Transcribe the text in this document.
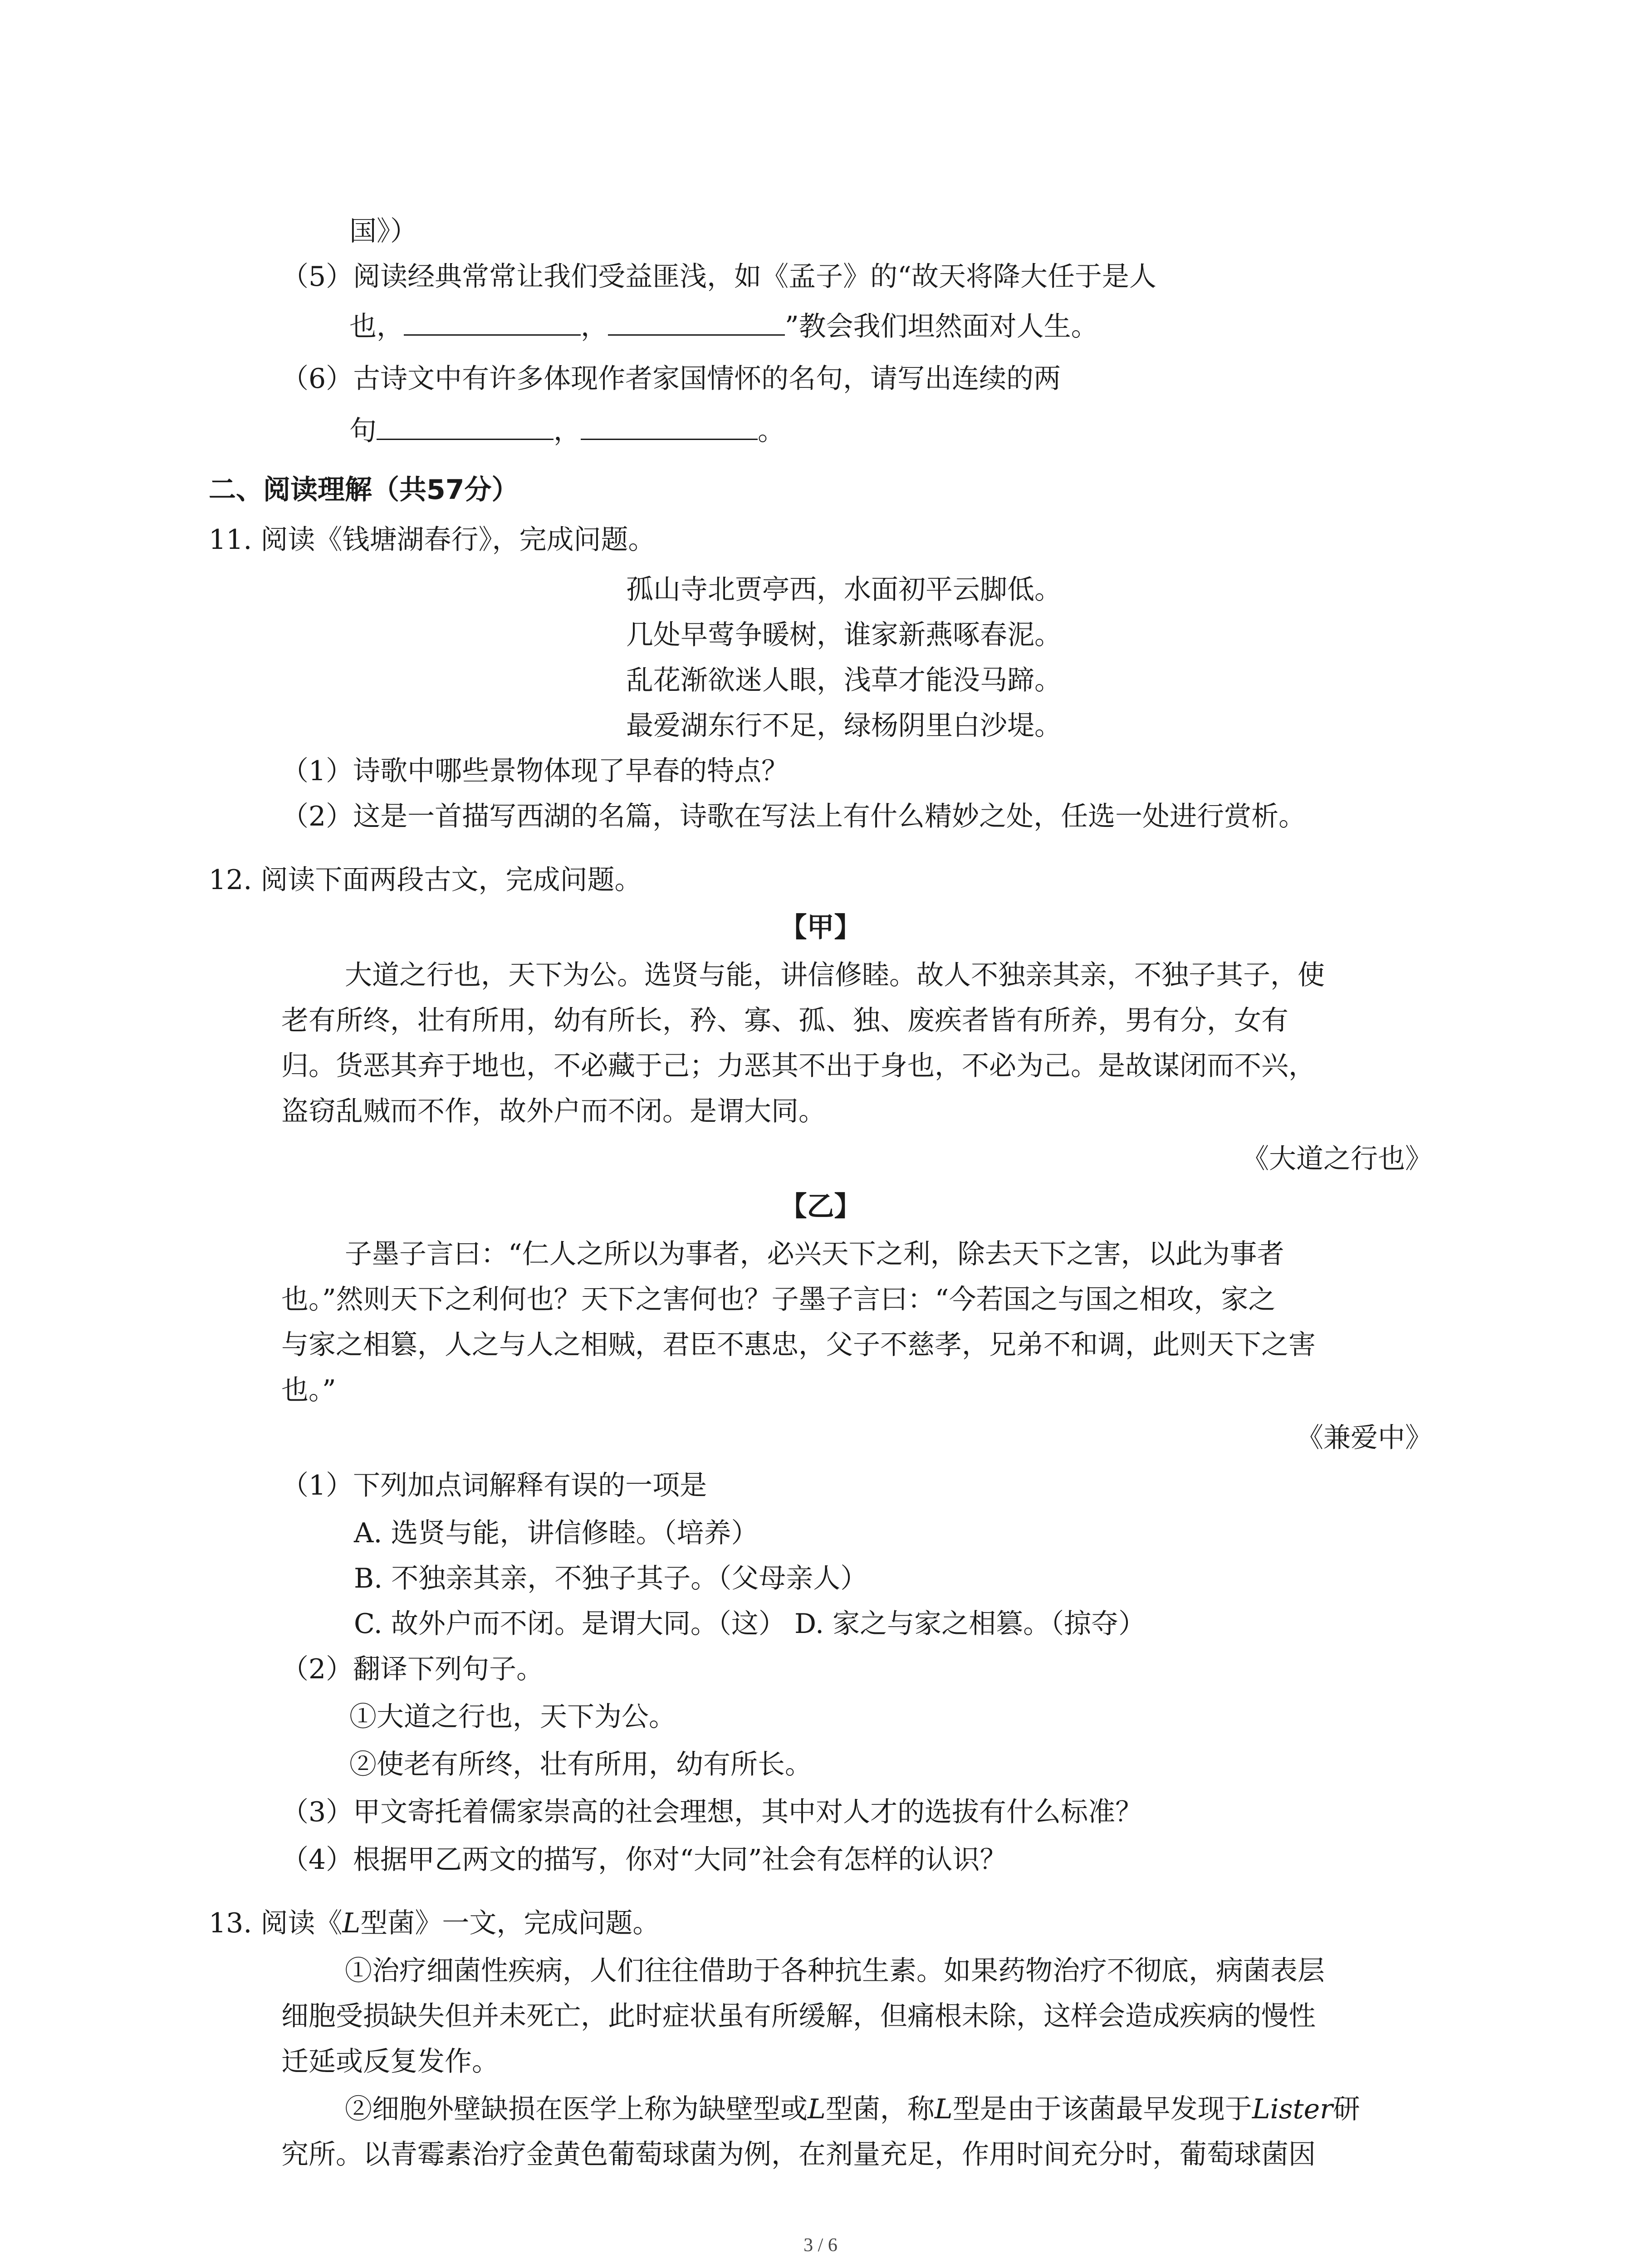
国》）
（5）阅读经典常常让我们受益匪浅，如《孟子》的“故天将降大任于是人
也，	，	”教会我们坦然面对人生。
（6）古诗文中有许多体现作者家国情怀的名句，请写出连续的两
句	，	。
二、阅读理解（共57分）
11. 阅读《钱塘湖春行》，完成问题。
孤山寺北贾亭西，水面初平云脚低。
几处早莺争暖树，谁家新燕啄春泥。
乱花渐欲迷人眼，浅草才能没马蹄。
最爱湖东行不足，绿杨阴里白沙堤。
（1）诗歌中哪些景物体现了早春的特点？
（2）这是一首描写西湖的名篇，诗歌在写法上有什么精妙之处，任选一处进行赏析。
12. 阅读下面两段古文，完成问题。
【甲】
大道之行也，天下为公。选贤与能，讲信修睦。故人不独亲其亲，不独子其子，使
老有所终，壮有所用，幼有所长，矜、寡、孤、独、废疾者皆有所养，男有分，女有
归。货恶其弃于地也，不必藏于己；力恶其不出于身也，不必为己。是故谋闭而不兴，
盗窃乱贼而不作，故外户而不闭。是谓大同。
《大道之行也》
【乙】
子墨子言曰：“仁人之所以为事者，必兴天下之利，除去天下之害，以此为事者
也。”然则天下之利何也？天下之害何也？子墨子言曰：“今若国之与国之相攻，家之
与家之相篡，人之与人之相贼，君臣不惠忠，父子不慈孝，兄弟不和调，此则天下之害
也。”
《兼爱中》
（1）下列加点词解释有误的一项是
A. 选贤与能，讲信修睦。（培养）
B. 不独亲其亲，不独子其子。（父母亲人）
C. 故外户而不闭。是谓大同。（这） D. 家之与家之相篡。（掠夺）
（2）翻译下列句子。
①大道之行也，天下为公。
②使老有所终，壮有所用，幼有所长。
（3）甲文寄托着儒家崇高的社会理想，其中对人才的选拔有什么标准？
（4）根据甲乙两文的描写，你对“大同”社会有怎样的认识？
13. 阅读《L型菌》一文，完成问题。
①治疗细菌性疾病，人们往往借助于各种抗生素。如果药物治疗不彻底，病菌表层
细胞受损缺失但并未死亡，此时症状虽有所缓解，但痛根未除，这样会造成疾病的慢性
迁延或反复发作。
②细胞外壁缺损在医学上称为缺壁型或L型菌，称L型是由于该菌最早发现于Lister研
究所。以青霉素治疗金黄色葡萄球菌为例，在剂量充足，作用时间充分时，葡萄球菌因
3 / 6
